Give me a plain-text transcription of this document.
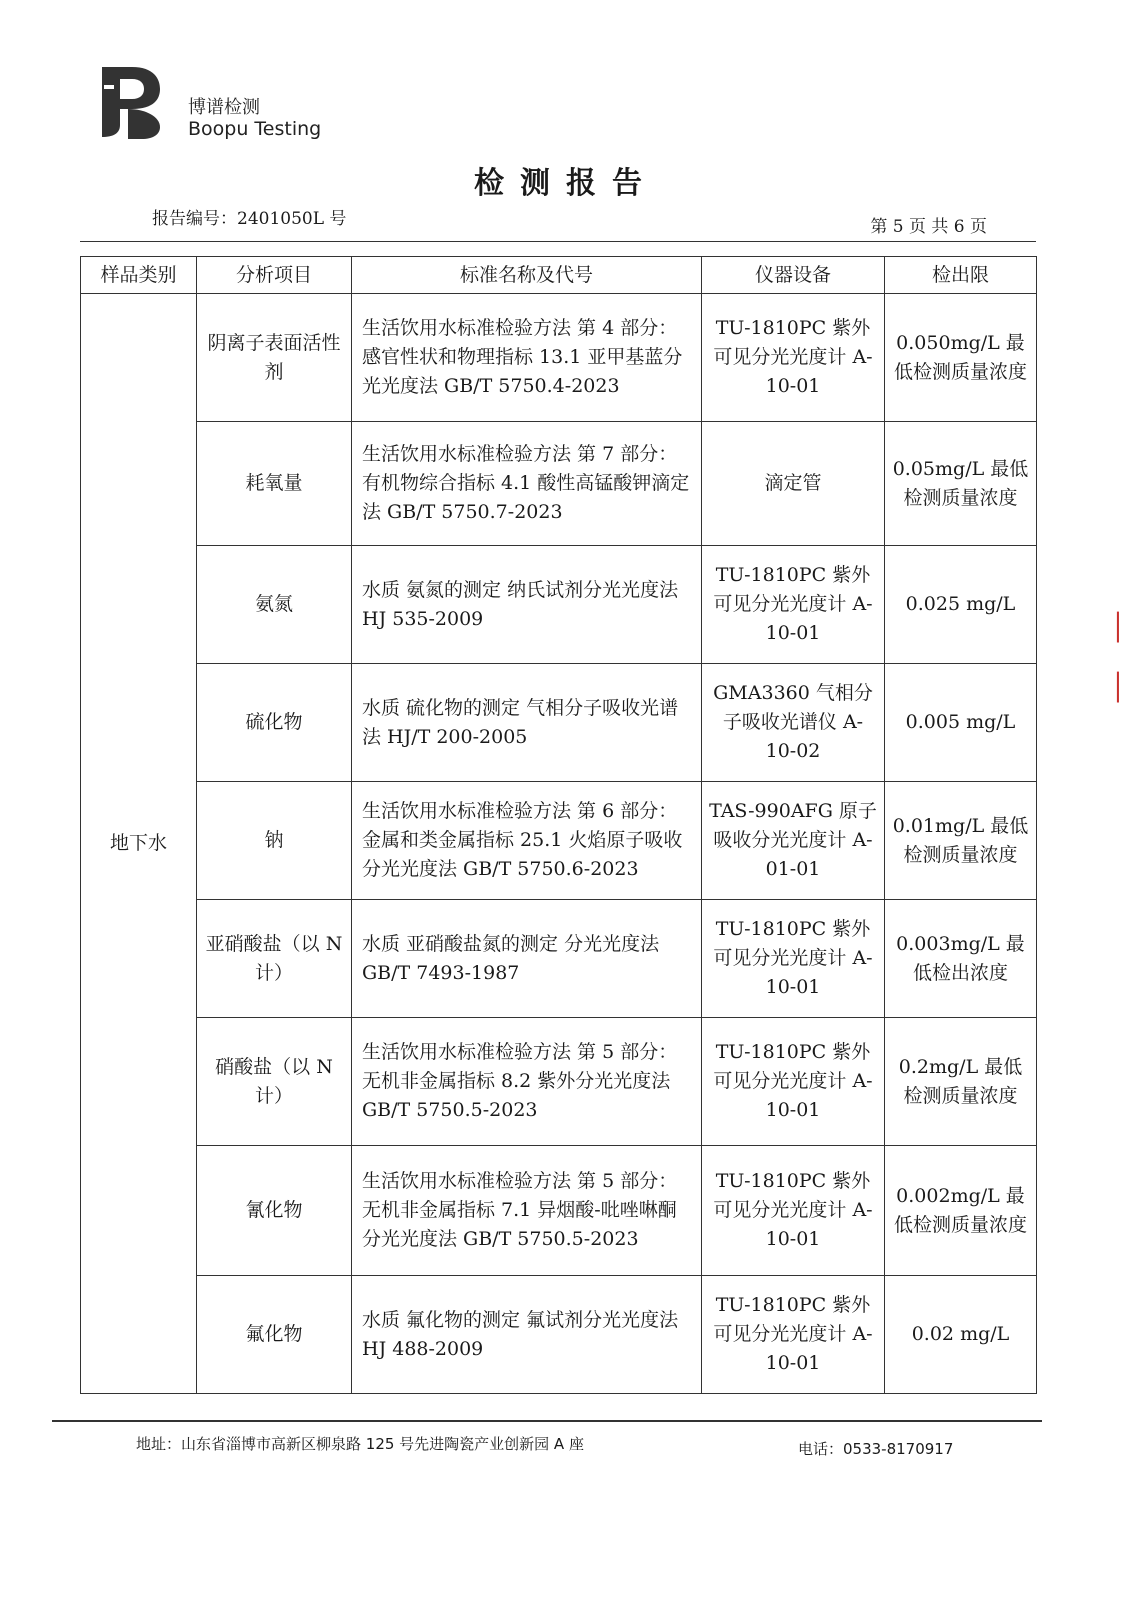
博谱检测
Boopu Testing
检测报告
报告编号：2401050L 号	第 5 页 共 6 页
样品类别	分析项目	标准名称及代号	仪器设备	检出限
地下水	阴离子表面活性剂	生活饮用水标准检验方法 第 4 部分：感官性状和物理指标 13.1 亚甲基蓝分光光度法 GB/T 5750.4-2023	TU-1810PC 紫外可见分光光度计 A-10-01	0.050mg/L 最低检测质量浓度
	耗氧量	生活饮用水标准检验方法 第 7 部分：有机物综合指标 4.1 酸性高锰酸钾滴定法 GB/T 5750.7-2023	滴定管	0.05mg/L 最低检测质量浓度
	氨氮	水质 氨氮的测定 纳氏试剂分光光度法 HJ 535-2009	TU-1810PC 紫外可见分光光度计 A-10-01	0.025 mg/L
	硫化物	水质 硫化物的测定 气相分子吸收光谱法 HJ/T 200-2005	GMA3360 气相分子吸收光谱仪 A-10-02	0.005 mg/L
	钠	生活饮用水标准检验方法 第 6 部分：金属和类金属指标 25.1 火焰原子吸收分光光度法 GB/T 5750.6-2023	TAS-990AFG 原子吸收分光光度计 A-01-01	0.01mg/L 最低检测质量浓度
	亚硝酸盐（以 N 计）	水质 亚硝酸盐氮的测定 分光光度法 GB/T 7493-1987	TU-1810PC 紫外可见分光光度计 A-10-01	0.003mg/L 最低检出浓度
	硝酸盐（以 N 计）	生活饮用水标准检验方法 第 5 部分：无机非金属指标 8.2 紫外分光光度法 GB/T 5750.5-2023	TU-1810PC 紫外可见分光光度计 A-10-01	0.2mg/L 最低检测质量浓度
	氰化物	生活饮用水标准检验方法 第 5 部分：无机非金属指标 7.1 异烟酸-吡唑啉酮分光光度法 GB/T 5750.5-2023	TU-1810PC 紫外可见分光光度计 A-10-01	0.002mg/L 最低检测质量浓度
	氟化物	水质 氟化物的测定 氟试剂分光光度法 HJ 488-2009	TU-1810PC 紫外可见分光光度计 A-10-01	0.02 mg/L
│
│
地址：山东省淄博市高新区柳泉路 125 号先进陶瓷产业创新园 A 座	电话：0533-8170917
